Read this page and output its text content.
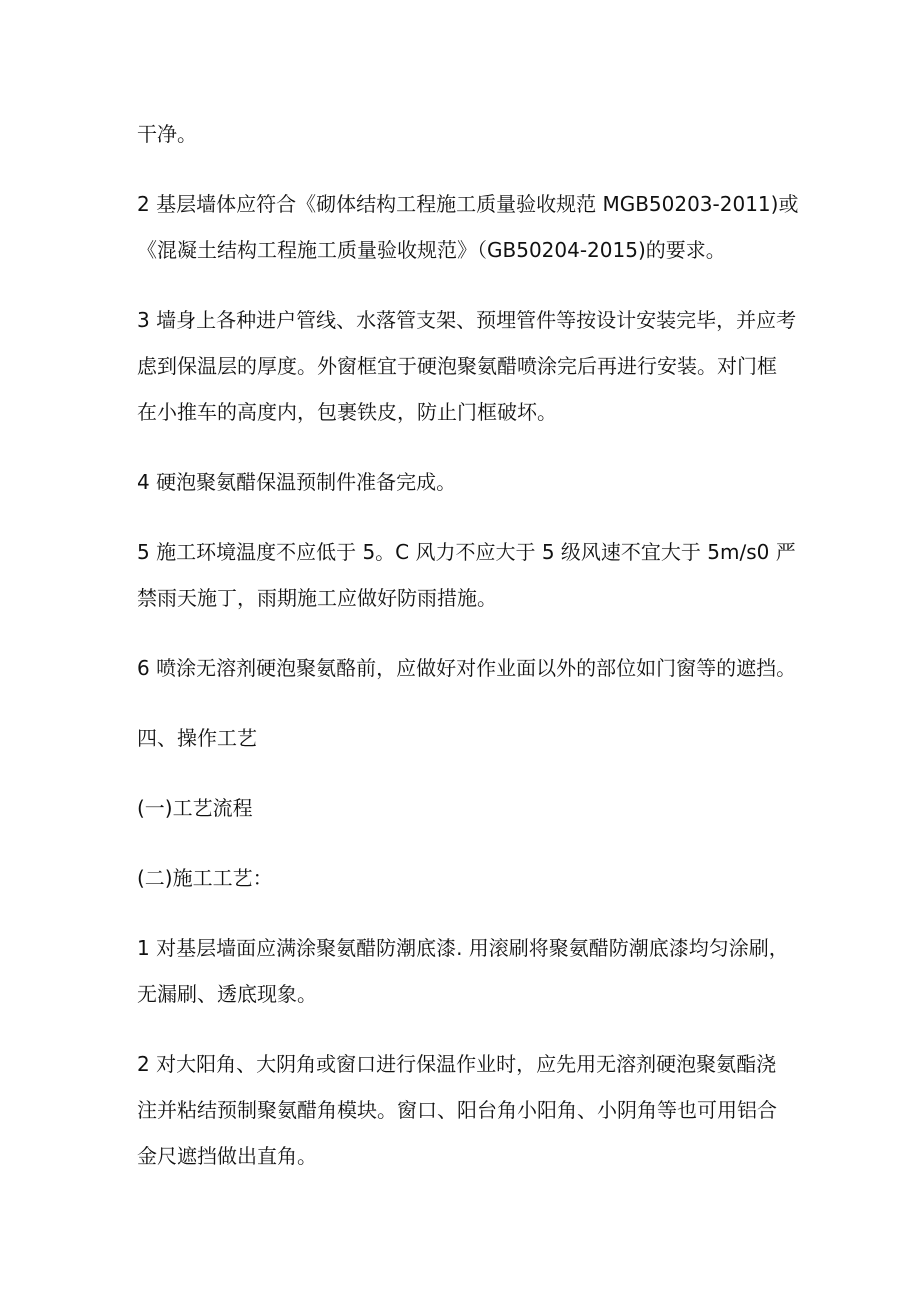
干净。

2 基层墙体应符合《砌体结构工程施工质量验收规范 MGB50203-2011)或

《混凝土结构工程施工质量验收规范》（GB50204-2015)的要求。

3 墙身上各种进户管线、水落管支架、预埋管件等按设计安装完毕，并应考

虑到保温层的厚度。外窗框宜于硬泡聚氨醋喷涂完后再进行安装。对门框

在小推车的高度内，包裹铁皮，防止门框破坏。

4 硬泡聚氨醋保温预制件准备完成。

5 施工环境温度不应低于 5。C 风力不应大于 5 级风速不宜大于 5m∕s0 严

禁雨天施丁，雨期施工应做好防雨措施。

6 喷涂无溶剂硬泡聚氨酪前，应做好对作业面以外的部位如门窗等的遮挡。

四、操作工艺

(一)工艺流程

(二)施工工艺：

1 对基层墙面应满涂聚氨醋防潮底漆. 用滚刷将聚氨醋防潮底漆均匀涂刷，

无漏刷、透底现象。

2 对大阳角、大阴角或窗口进行保温作业时，应先用无溶剂硬泡聚氨酯浇

注并粘结预制聚氨醋角模块。窗口、阳台角小阳角、小阴角等也可用铝合

金尺遮挡做出直角。
